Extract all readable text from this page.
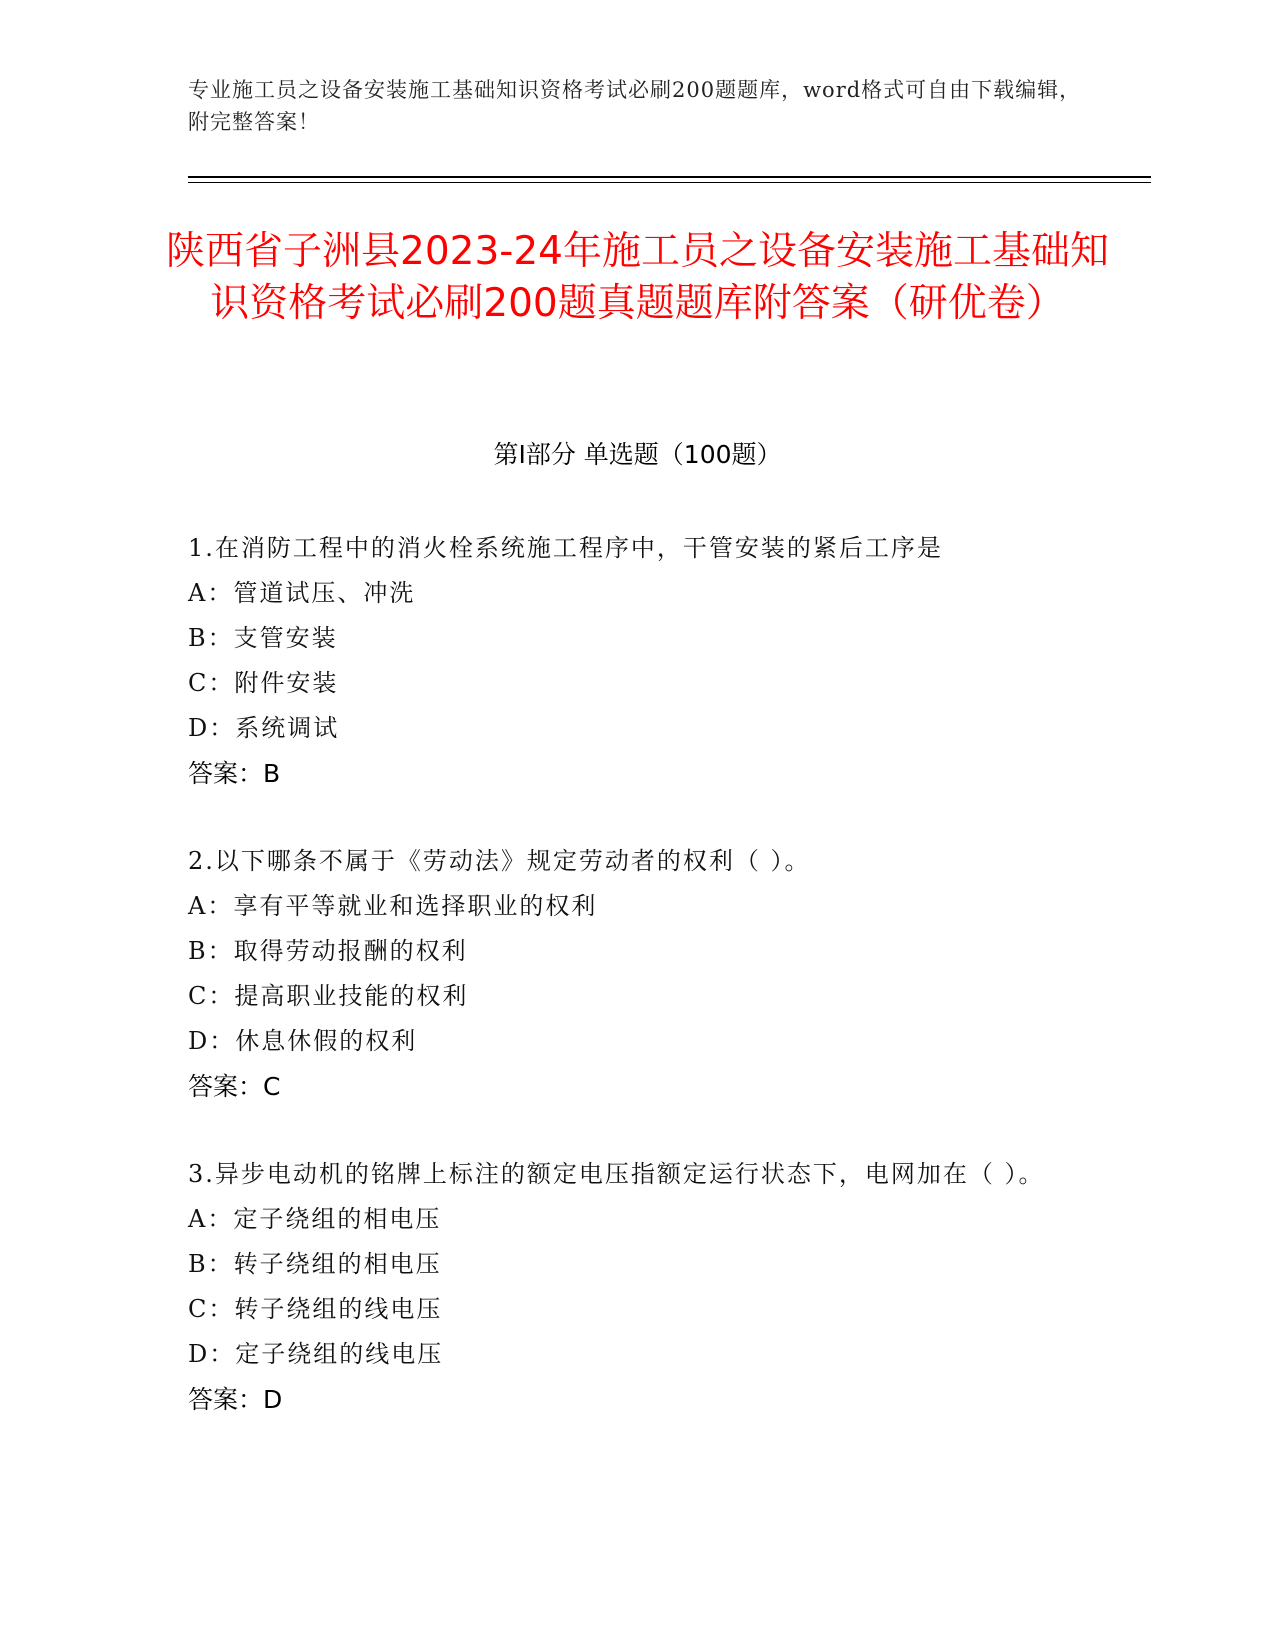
专业施工员之设备安装施工基础知识资格考试必刷200题题库，word格式可自由下载编辑，附完整答案！
陕西省子洲县2023-24年施工员之设备安装施工基础知识资格考试必刷200题真题题库附答案（研优卷）
第Ⅰ部分 单选题（100题）
1.在消防工程中的消火栓系统施工程序中，干管安装的紧后工序是
A：管道试压、冲洗
B：支管安装
C：附件安装
D：系统调试
答案：B
2.以下哪条不属于《劳动法》规定劳动者的权利（ ）。
A：享有平等就业和选择职业的权利
B：取得劳动报酬的权利
C：提高职业技能的权利
D：休息休假的权利
答案：C
3.异步电动机的铭牌上标注的额定电压指额定运行状态下，电网加在（ ）。
A：定子绕组的相电压
B：转子绕组的相电压
C：转子绕组的线电压
D：定子绕组的线电压
答案：D
